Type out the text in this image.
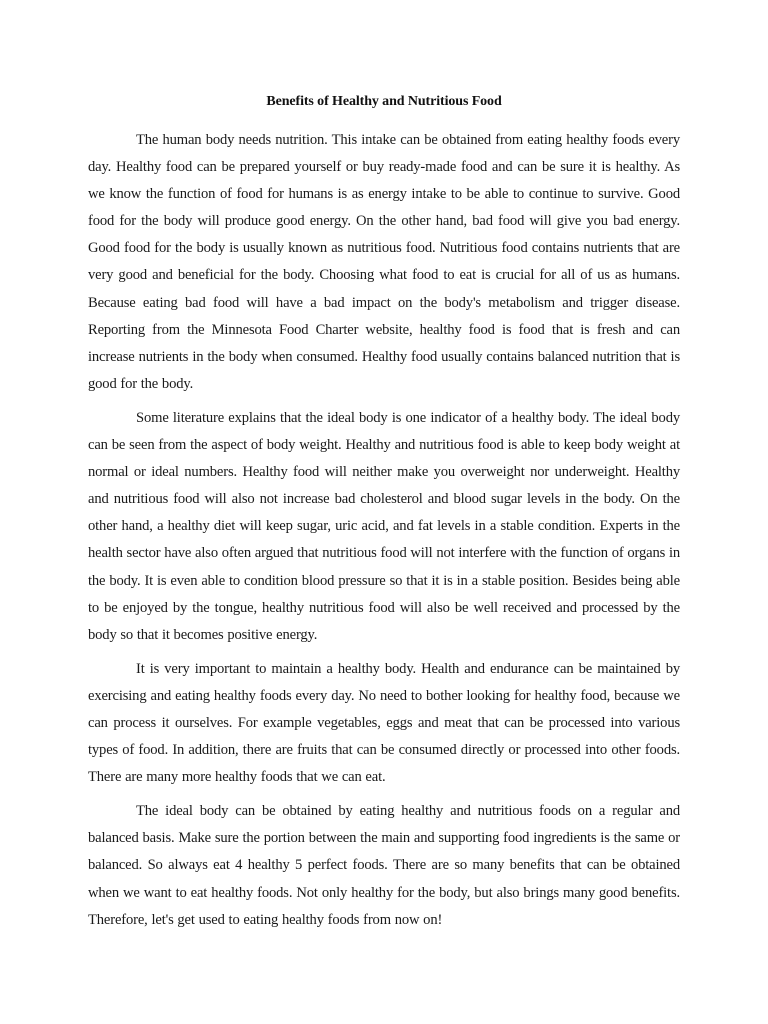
Benefits of Healthy and Nutritious Food

The human body needs nutrition. This intake can be obtained from eating healthy foods every day. Healthy food can be prepared yourself or buy ready-made food and can be sure it is healthy. As we know the function of food for humans is as energy intake to be able to continue to survive. Good food for the body will produce good energy. On the other hand, bad food will give you bad energy. Good food for the body is usually known as nutritious food. Nutritious food contains nutrients that are very good and beneficial for the body. Choosing what food to eat is crucial for all of us as humans. Because eating bad food will have a bad impact on the body's metabolism and trigger disease. Reporting from the Minnesota Food Charter website, healthy food is food that is fresh and can increase nutrients in the body when consumed. Healthy food usually contains balanced nutrition that is good for the body.

Some literature explains that the ideal body is one indicator of a healthy body. The ideal body can be seen from the aspect of body weight. Healthy and nutritious food is able to keep body weight at normal or ideal numbers. Healthy food will neither make you overweight nor underweight. Healthy and nutritious food will also not increase bad cholesterol and blood sugar levels in the body. On the other hand, a healthy diet will keep sugar, uric acid, and fat levels in a stable condition. Experts in the health sector have also often argued that nutritious food will not interfere with the function of organs in the body. It is even able to condition blood pressure so that it is in a stable position. Besides being able to be enjoyed by the tongue, healthy nutritious food will also be well received and processed by the body so that it becomes positive energy.

It is very important to maintain a healthy body. Health and endurance can be maintained by exercising and eating healthy foods every day. No need to bother looking for healthy food, because we can process it ourselves. For example vegetables, eggs and meat that can be processed into various types of food. In addition, there are fruits that can be consumed directly or processed into other foods. There are many more healthy foods that we can eat.

The ideal body can be obtained by eating healthy and nutritious foods on a regular and balanced basis. Make sure the portion between the main and supporting food ingredients is the same or balanced. So always eat 4 healthy 5 perfect foods. There are so many benefits that can be obtained when we want to eat healthy foods. Not only healthy for the body, but also brings many good benefits. Therefore, let's get used to eating healthy foods from now on!
